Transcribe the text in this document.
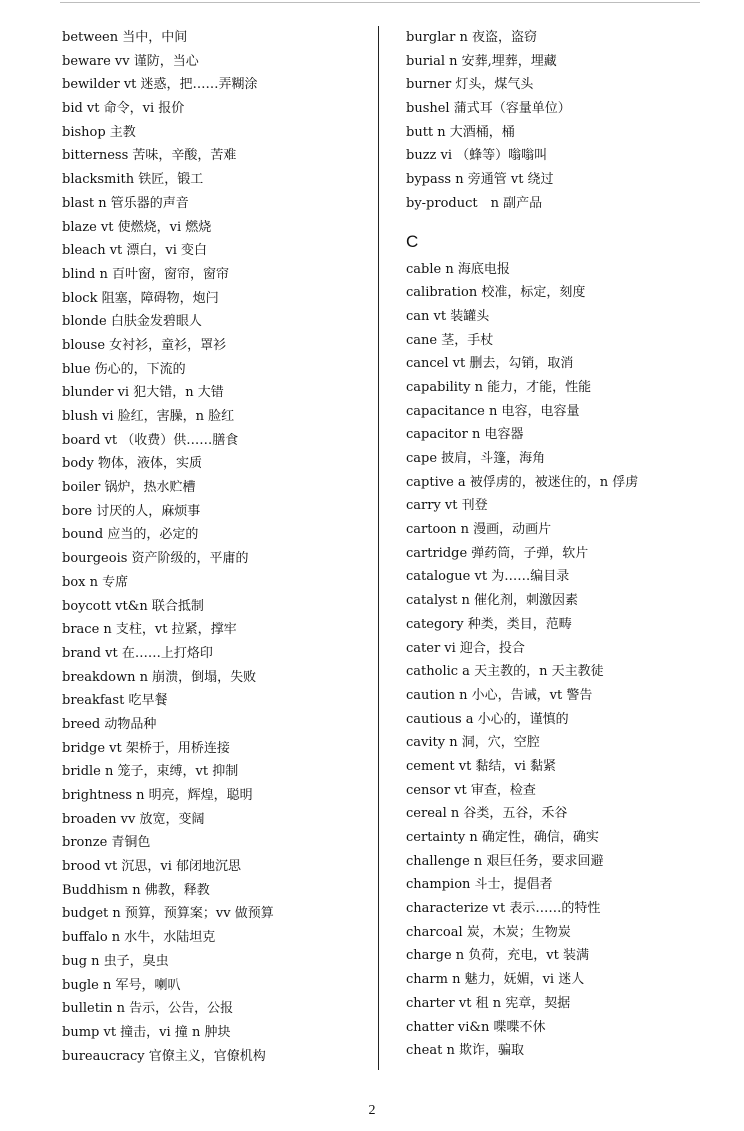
between 当中，中间
beware vv 谨防，当心
bewilder vt 迷惑，把……弄糊涂
bid vt 命令，vi 报价
bishop 主教
bitterness 苦味，辛酸，苦难
blacksmith 铁匠，锻工
blast n 管乐器的声音
blaze vt 使燃烧，vi 燃烧
bleach vt 漂白，vi 变白
blind n 百叶窗，窗帘，窗帘
block 阻塞，障碍物，炮闩
blonde 白肤金发碧眼人
blouse 女衬衫，童衫，罩衫
blue 伤心的，下流的
blunder vi 犯大错，n 大错
blush vi 脸红，害臊，n 脸红
board vt （收费）供……膳食
body 物体，液体，实质
boiler 锅炉，热水贮槽
bore 讨厌的人，麻烦事
bound 应当的，必定的
bourgeois 资产阶级的，平庸的
box n 专席
boycott vt&n 联合抵制
brace n 支柱，vt 拉紧，撑牢
brand vt 在……上打烙印
breakdown n 崩溃，倒塌，失败
breakfast 吃早餐
breed 动物品种
bridge vt 架桥于，用桥连接
bridle n 笼子，束缚，vt 抑制
brightness n 明亮，辉煌，聪明
broaden vv 放宽，变阔
bronze 青铜色
brood vt 沉思，vi 郁闭地沉思
Buddhism n 佛教，释教
budget n 预算，预算案；vv 做预算
buffalo n 水牛，水陆坦克
bug n 虫子，臭虫
bugle n 军号，喇叭
bulletin n 告示，公告，公报
bump vt 撞击，vi 撞 n 肿块
bureaucracy 官僚主义，官僚机构
burglar n 夜盗，盗窃
burial n 安葬,埋葬，埋藏
burner 灯头，煤气头
bushel 蒲式耳（容量单位）
butt n 大酒桶，桶
buzz vi （蜂等）嗡嗡叫
bypass n 旁通管 vt 绕过
by-product　n 副产品
C
cable n 海底电报
calibration 校准，标定，刻度
can vt 装罐头
cane 茎，手杖
cancel vt 删去，勾销，取消
capability n 能力，才能，性能
capacitance n 电容，电容量
capacitor n 电容器
cape 披肩，斗篷，海角
captive a 被俘虏的，被迷住的，n 俘虏
carry vt 刊登
cartoon n 漫画，动画片
cartridge 弹药筒，子弹，软片
catalogue vt 为……编目录
catalyst n 催化剂，刺激因素
category 种类，类目，范畴
cater vi 迎合，投合
catholic a 天主教的，n 天主教徒
caution n 小心，告诫，vt 警告
cautious a 小心的，谨慎的
cavity n 洞，穴，空腔
cement vt 黏结，vi 黏紧
censor vt 审查，检查
cereal n 谷类，五谷，禾谷
certainty n 确定性，确信，确实
challenge n 艰巨任务，要求回避
champion 斗士，提倡者
characterize vt 表示……的特性
charcoal 炭，木炭；生物炭
charge n 负荷，充电，vt 装满
charm n 魅力，妩媚，vi 迷人
charter vt 租 n 宪章，契据
chatter vi&n 喋喋不休
cheat n 欺诈，骗取
2
